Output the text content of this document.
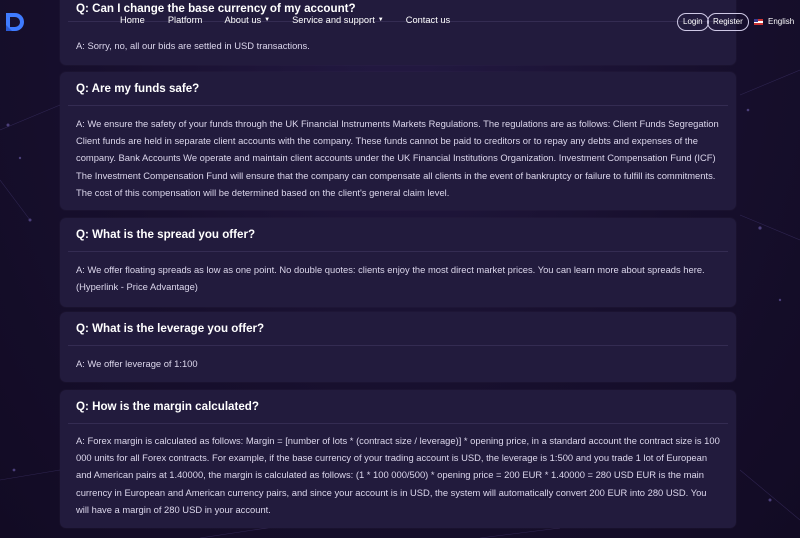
Q: Can I change the base currency of my account?
A: Sorry, no, all our bids are settled in USD transactions.
Q: Are my funds safe?
A: We ensure the safety of your funds through the UK Financial Instruments Markets Regulations. The regulations are as follows: Client Funds Segregation Client funds are held in separate client accounts with the company. These funds cannot be paid to creditors or to repay any debts and expenses of the company. Bank Accounts We operate and maintain client accounts under the UK Financial Institutions Organization. Investment Compensation Fund (ICF) The Investment Compensation Fund will ensure that the company can compensate all clients in the event of bankruptcy or failure to fulfill its commitments. The cost of this compensation will be determined based on the client's general claim level.
Q: What is the spread you offer?
A: We offer floating spreads as low as one point. No double quotes: clients enjoy the most direct market prices. You can learn more about spreads here. (Hyperlink - Price Advantage)
Q: What is the leverage you offer?
A: We offer leverage of 1:100
Q: How is the margin calculated?
A: Forex margin is calculated as follows: Margin = [number of lots * (contract size / leverage)] * opening price, in a standard account the contract size is 100 000 units for all Forex contracts. For example, if the base currency of your trading account is USD, the leverage is 1:500 and you trade 1 lot of European and American pairs at 1.40000, the margin is calculated as follows: (1 * 100 000/500) * opening price = 200 EUR * 1.40000 = 280 USD EUR is the main currency in European and American currency pairs, and since your account is in USD, the system will automatically convert 200 EUR into 280 USD. You will have a margin of 280 USD in your account.
Home Platform About us ▼ Service and support ▼ Contact us	Login	Register	English
